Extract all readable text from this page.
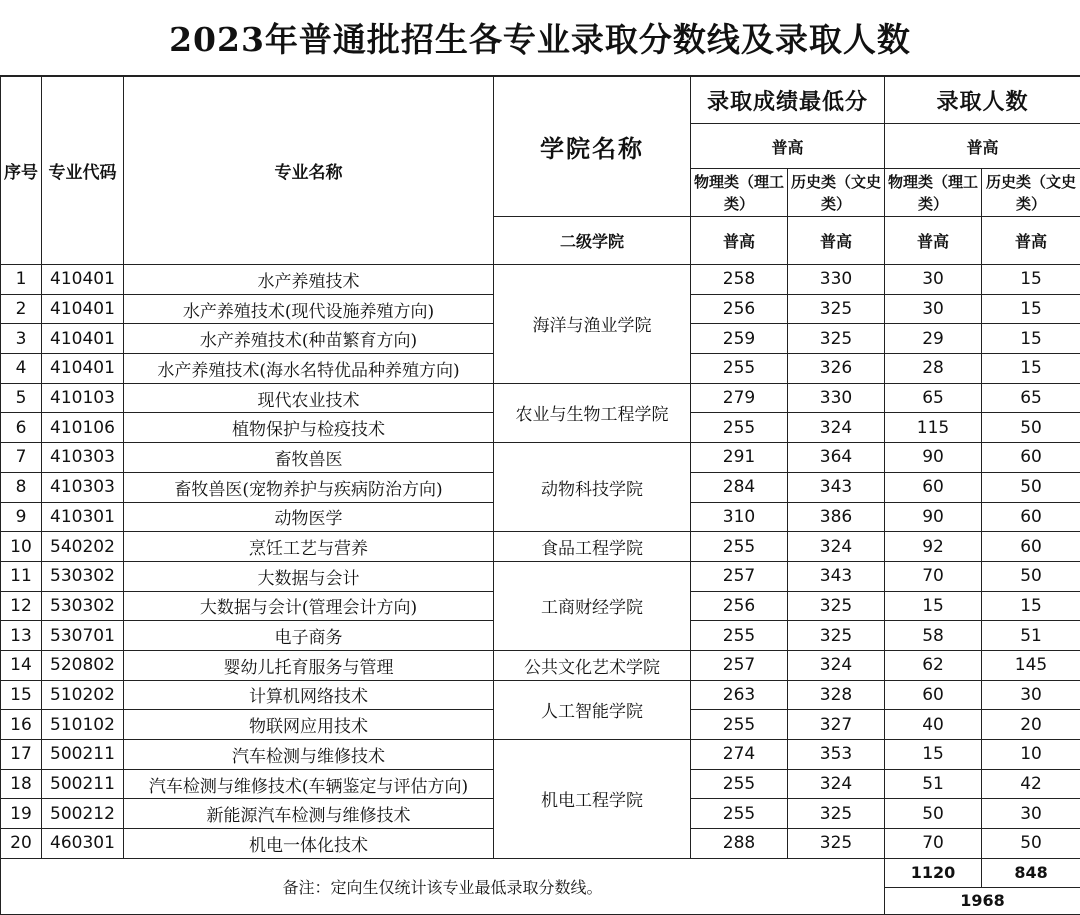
2023年普通批招生各专业录取分数线及录取人数
序号	专业代码	专业名称	学院名称	录取成绩最低分		录取人数	
				普高		普高	
				物理类（理工类）	历史类（文史类）	物理类（理工类）	历史类（文史类）
			二级学院	普高	普高	普高	普高
1	410401	水产养殖技术	海洋与渔业学院	258	330	30	15
2	410401	水产养殖技术(现代设施养殖方向)		256	325	30	15
3	410401	水产养殖技术(种苗繁育方向)		259	325	29	15
4	410401	水产养殖技术(海水名特优品种养殖方向)		255	326	28	15
5	410103	现代农业技术	农业与生物工程学院	279	330	65	65
6	410106	植物保护与检疫技术		255	324	115	50
7	410303	畜牧兽医	动物科技学院	291	364	90	60
8	410303	畜牧兽医(宠物养护与疾病防治方向)		284	343	60	50
9	410301	动物医学		310	386	90	60
10	540202	烹饪工艺与营养	食品工程学院	255	324	92	60
11	530302	大数据与会计	工商财经学院	257	343	70	50
12	530302	大数据与会计(管理会计方向)		256	325	15	15
13	530701	电子商务		255	325	58	51
14	520802	婴幼儿托育服务与管理	公共文化艺术学院	257	324	62	145
15	510202	计算机网络技术	人工智能学院	263	328	60	30
16	510102	物联网应用技术		255	327	40	20
17	500211	汽车检测与维修技术	机电工程学院	274	353	15	10
18	500211	汽车检测与维修技术(车辆鉴定与评估方向)		255	324	51	42
19	500212	新能源汽车检测与维修技术		255	325	50	30
20	460301	机电一体化技术		288	325	70	50
备注：定向生仅统计该专业最低录取分数线。						1120	848
						1968	
